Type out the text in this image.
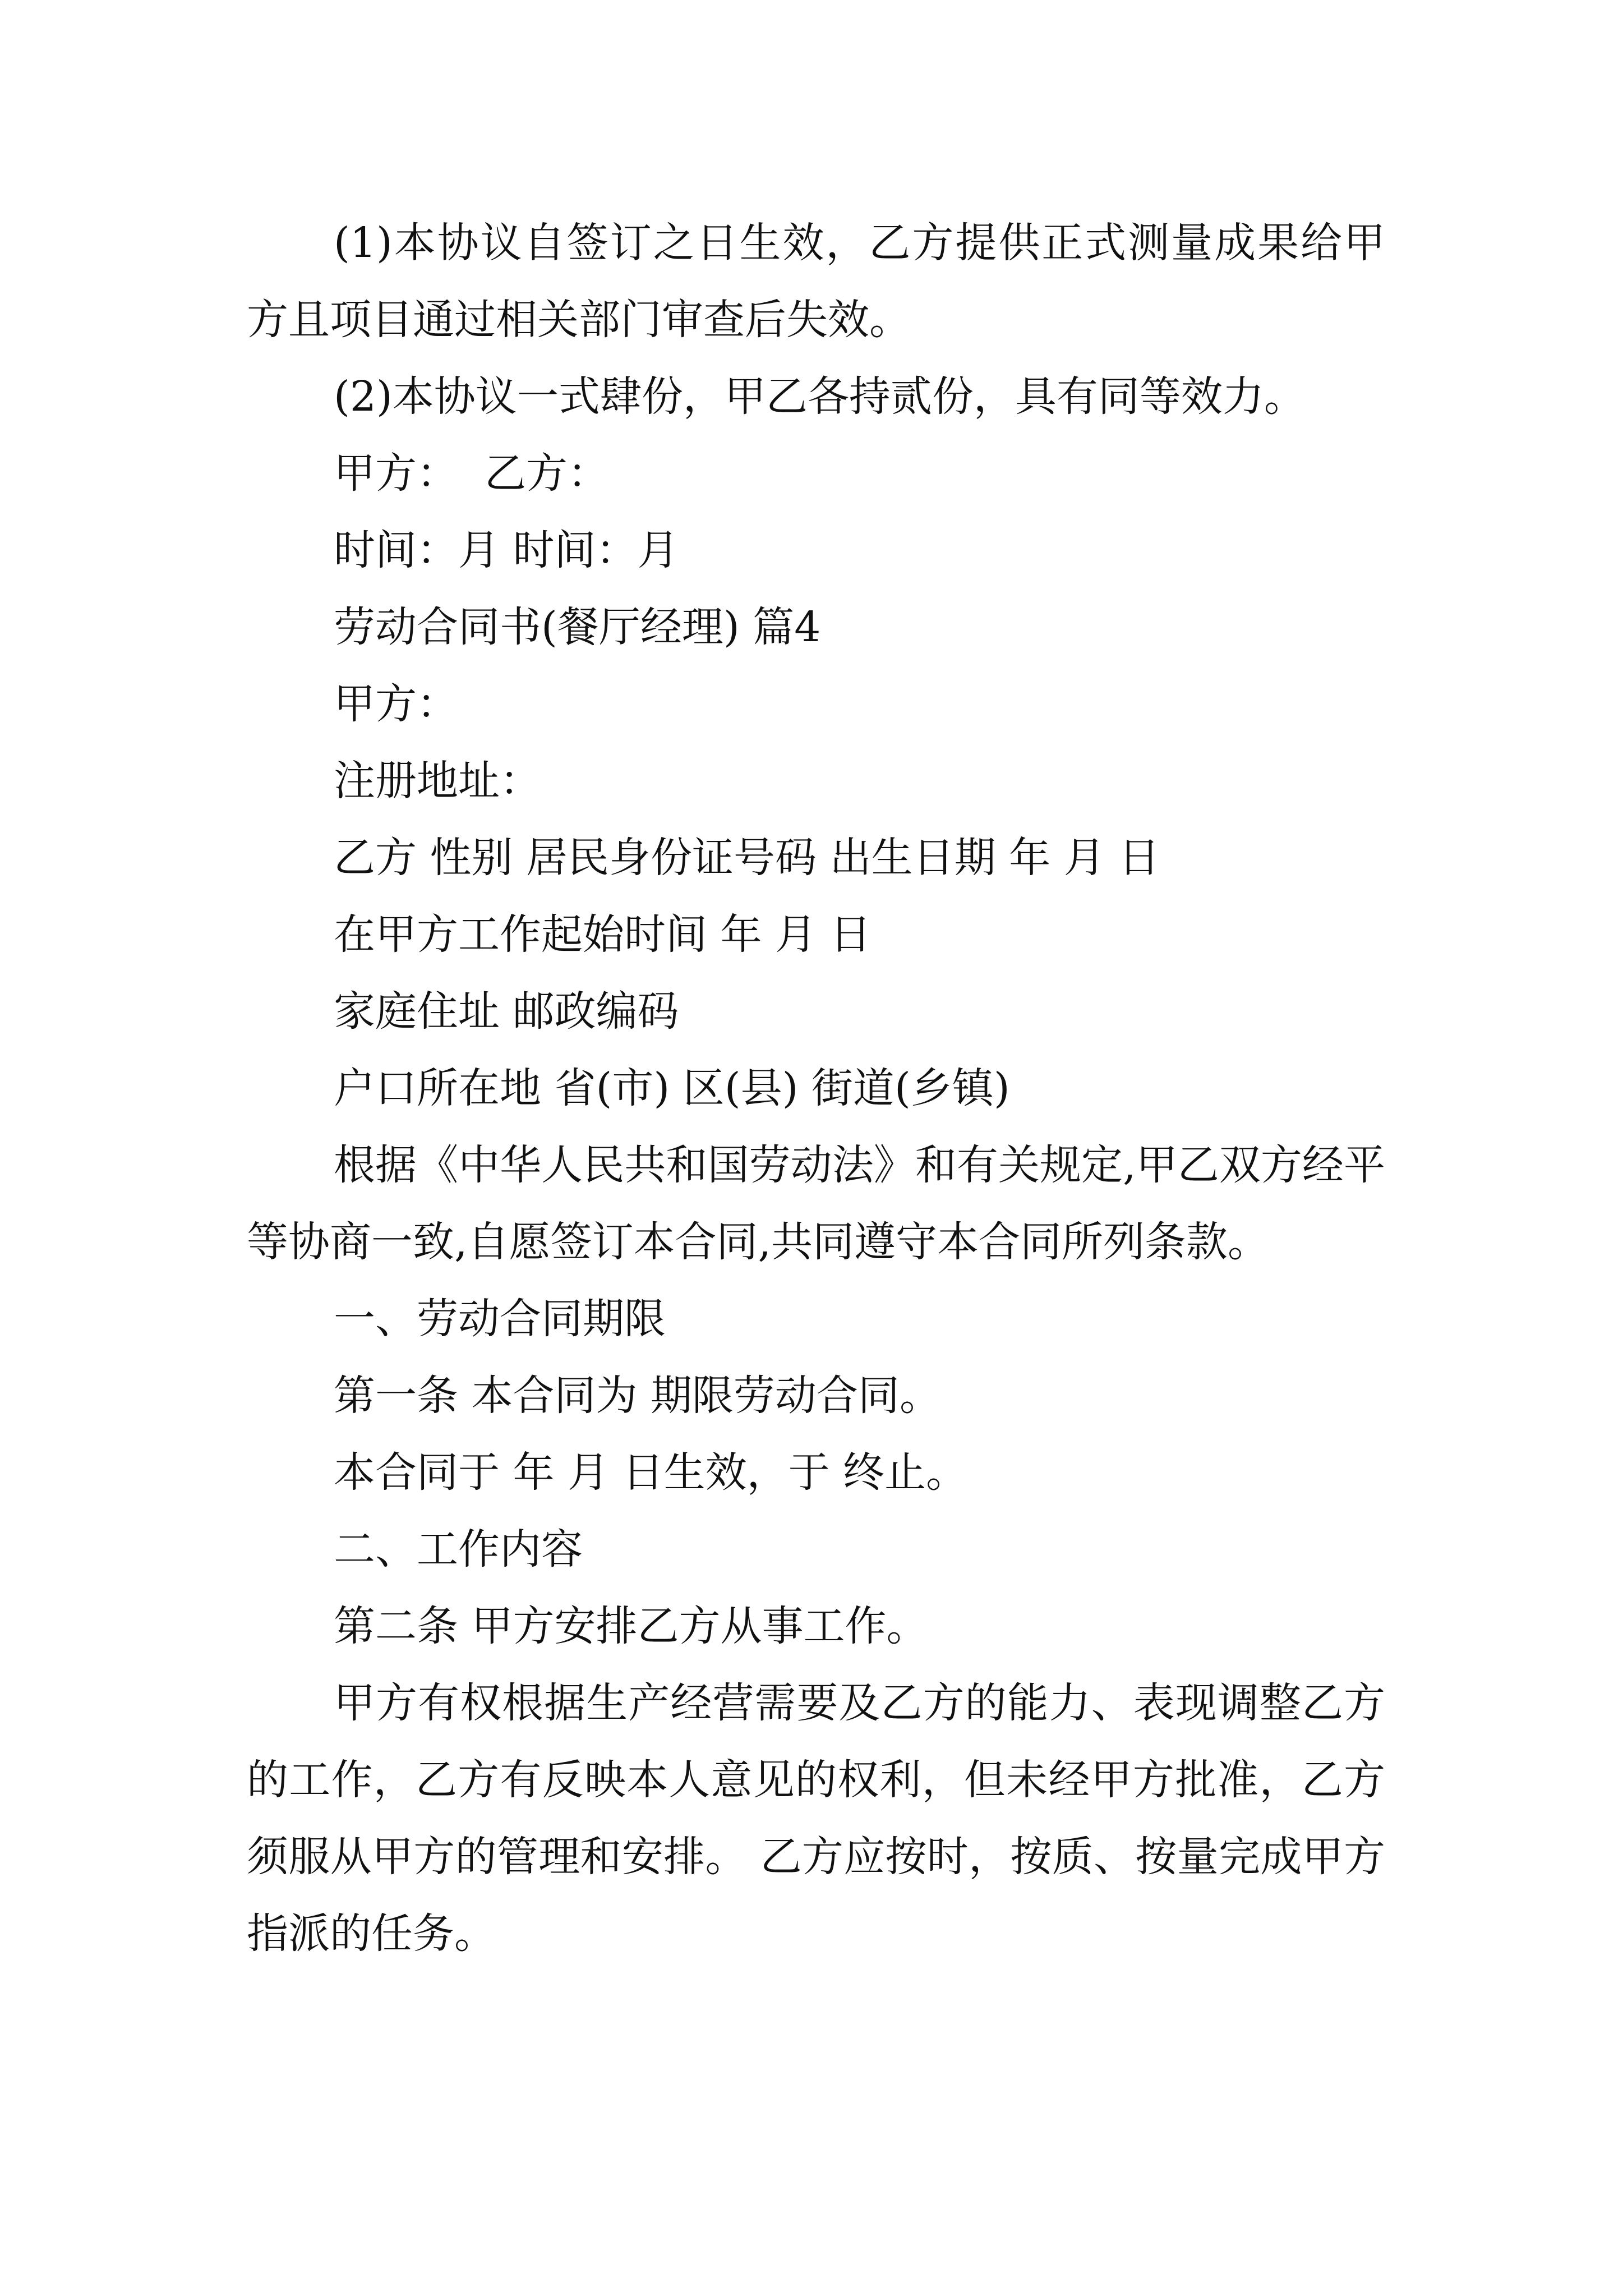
(1)本协议自签订之日生效，乙方提供正式测量成果给甲方且项目通过相关部门审查后失效。

(2)本协议一式肆份，甲乙各持贰份，具有同等效力。

甲方：  乙方：

时间：月 时间：月

劳动合同书(餐厅经理) 篇4

甲方：

注册地址：

乙方 性别 居民身份证号码 出生日期 年 月 日

在甲方工作起始时间 年 月 日

家庭住址 邮政编码

户口所在地 省(市) 区(县) 街道(乡镇)

根据《中华人民共和国劳动法》和有关规定,甲乙双方经平等协商一致,自愿签订本合同,共同遵守本合同所列条款。

一、劳动合同期限

第一条 本合同为 期限劳动合同。

本合同于 年 月 日生效，于 终止。

二、工作内容

第二条 甲方安排乙方从事工作。

甲方有权根据生产经营需要及乙方的能力、表现调整乙方的工作，乙方有反映本人意见的权利，但未经甲方批准，乙方须服从甲方的管理和安排。 乙方应按时，按质、按量完成甲方指派的任务。
